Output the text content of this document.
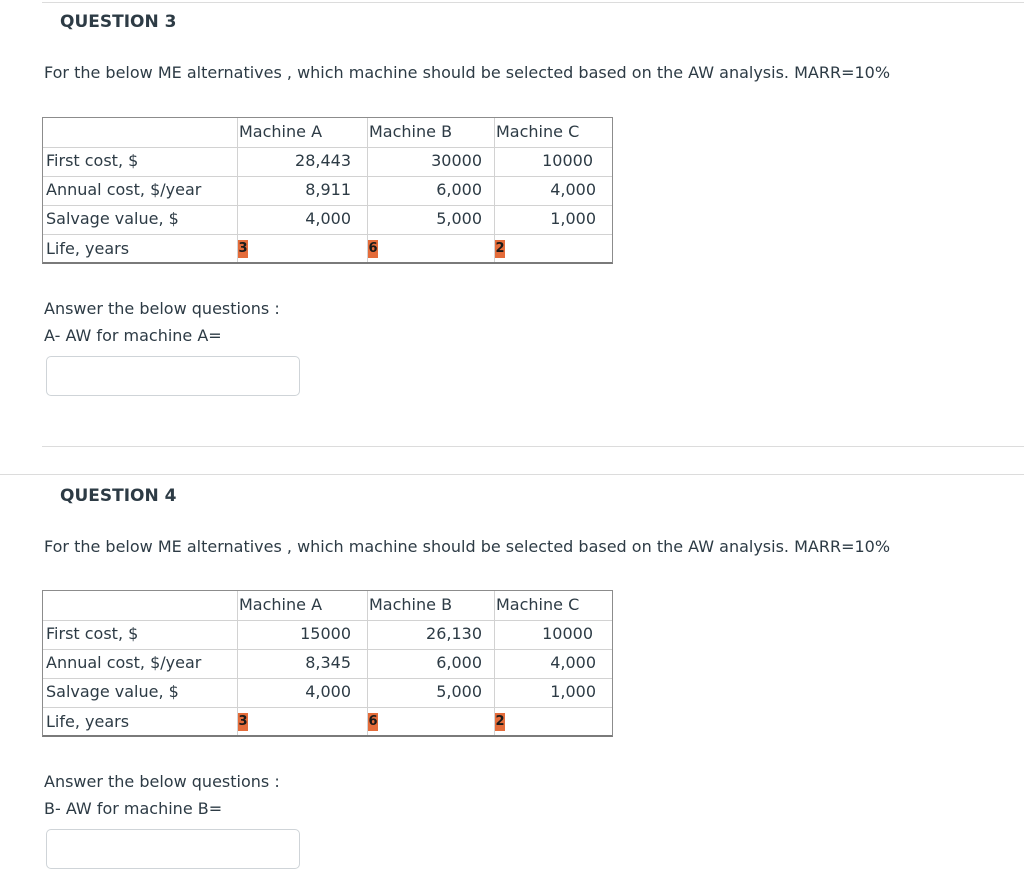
QUESTION 3
For the below ME alternatives , which machine should be selected based on the AW analysis. MARR=10%
Machine A	Machine B	Machine C
First cost, $	28,443	30000	10000
Annual cost, $/year	8,911	6,000	4,000
Salvage value, $	4,000	5,000	1,000
Life, years	3	6	2
Answer the below questions :
A- AW for machine A=
QUESTION 4
For the below ME alternatives , which machine should be selected based on the AW analysis. MARR=10%
Machine A	Machine B	Machine C
First cost, $	15000	26,130	10000
Annual cost, $/year	8,345	6,000	4,000
Salvage value, $	4,000	5,000	1,000
Life, years	3	6	2
Answer the below questions :
B- AW for machine B=
